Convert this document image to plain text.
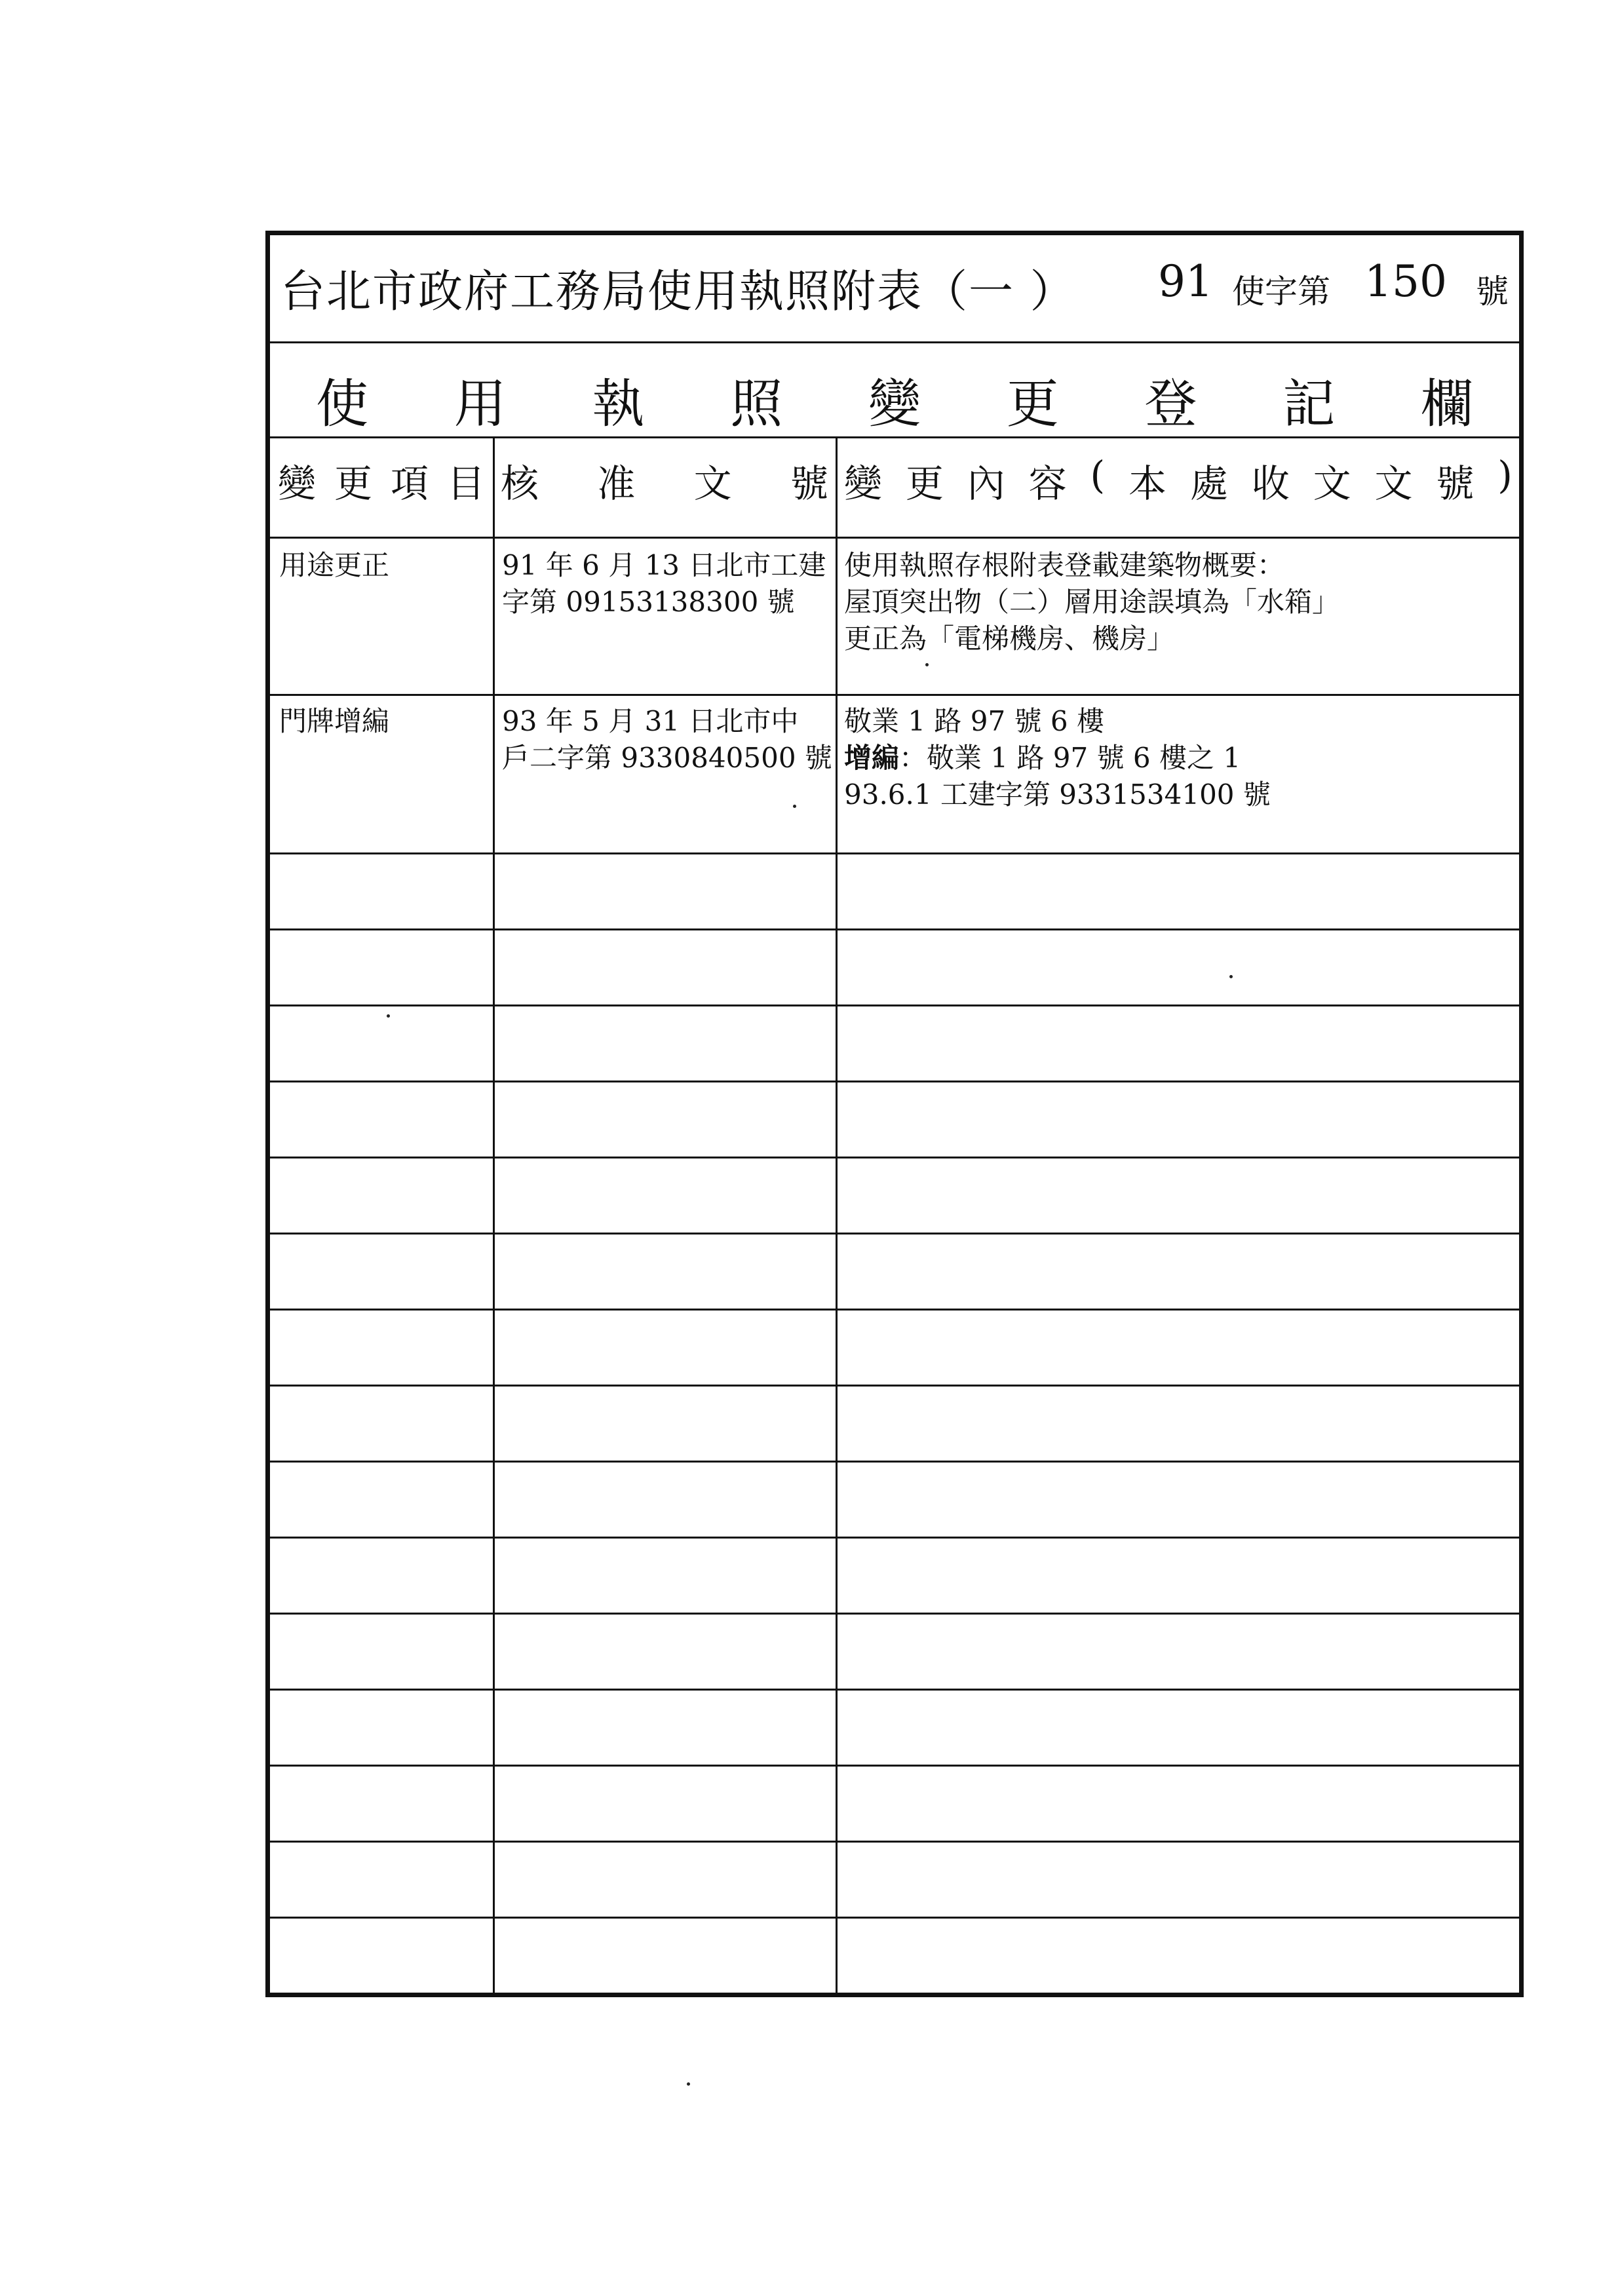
台北市政府工務局使用執照附表（一 ） 91 使字第 150 號
使 用 執 照 變 更 登 記 欄
變 更 項 目 核 准 文 號 變 更 內 容 ( 本 處 收 文 文 號 )
用途更正	91 年 6 月 13 日北市工建
字第 09153138300 號
使用執照存根附表登載建築物概要：
屋頂突出物（二）層用途誤填為「水箱」
更正為「電梯機房、機房」
門牌增編	93 年 5 月 31 日北市中
戶二字第 9330840500 號
敬業 1 路 97 號 6 樓
增編：敬業 1 路 97 號 6 樓之 1
93.6.1 工建字第 9331534100 號
